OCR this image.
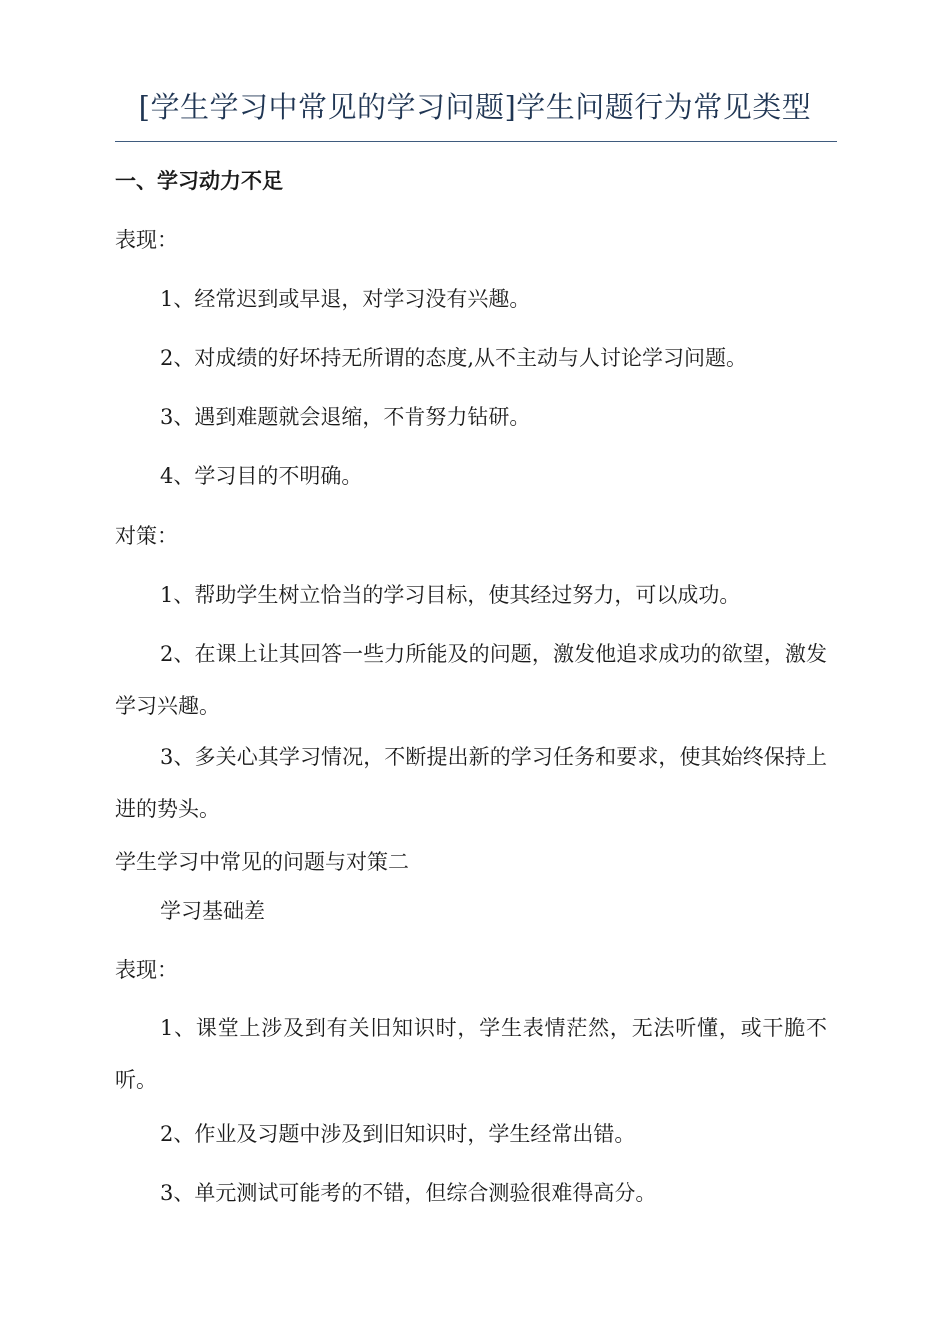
[学生学习中常见的学习问题]学生问题行为常见类型
一、学习动力不足
表现：
1、经常迟到或早退，对学习没有兴趣。
2、对成绩的好坏持无所谓的态度,从不主动与人讨论学习问题。
3、遇到难题就会退缩，不肯努力钻研。
4、学习目的不明确。
对策：
1、帮助学生树立恰当的学习目标，使其经过努力，可以成功。
2、在课上让其回答一些力所能及的问题，激发他追求成功的欲望，激发学习兴趣。
3、多关心其学习情况，不断提出新的学习任务和要求，使其始终保持上进的势头。
学生学习中常见的问题与对策二
学习基础差
表现：
1、课堂上涉及到有关旧知识时，学生表情茫然，无法听懂，或干脆不听。
2、作业及习题中涉及到旧知识时，学生经常出错。
3、单元测试可能考的不错，但综合测验很难得高分。
